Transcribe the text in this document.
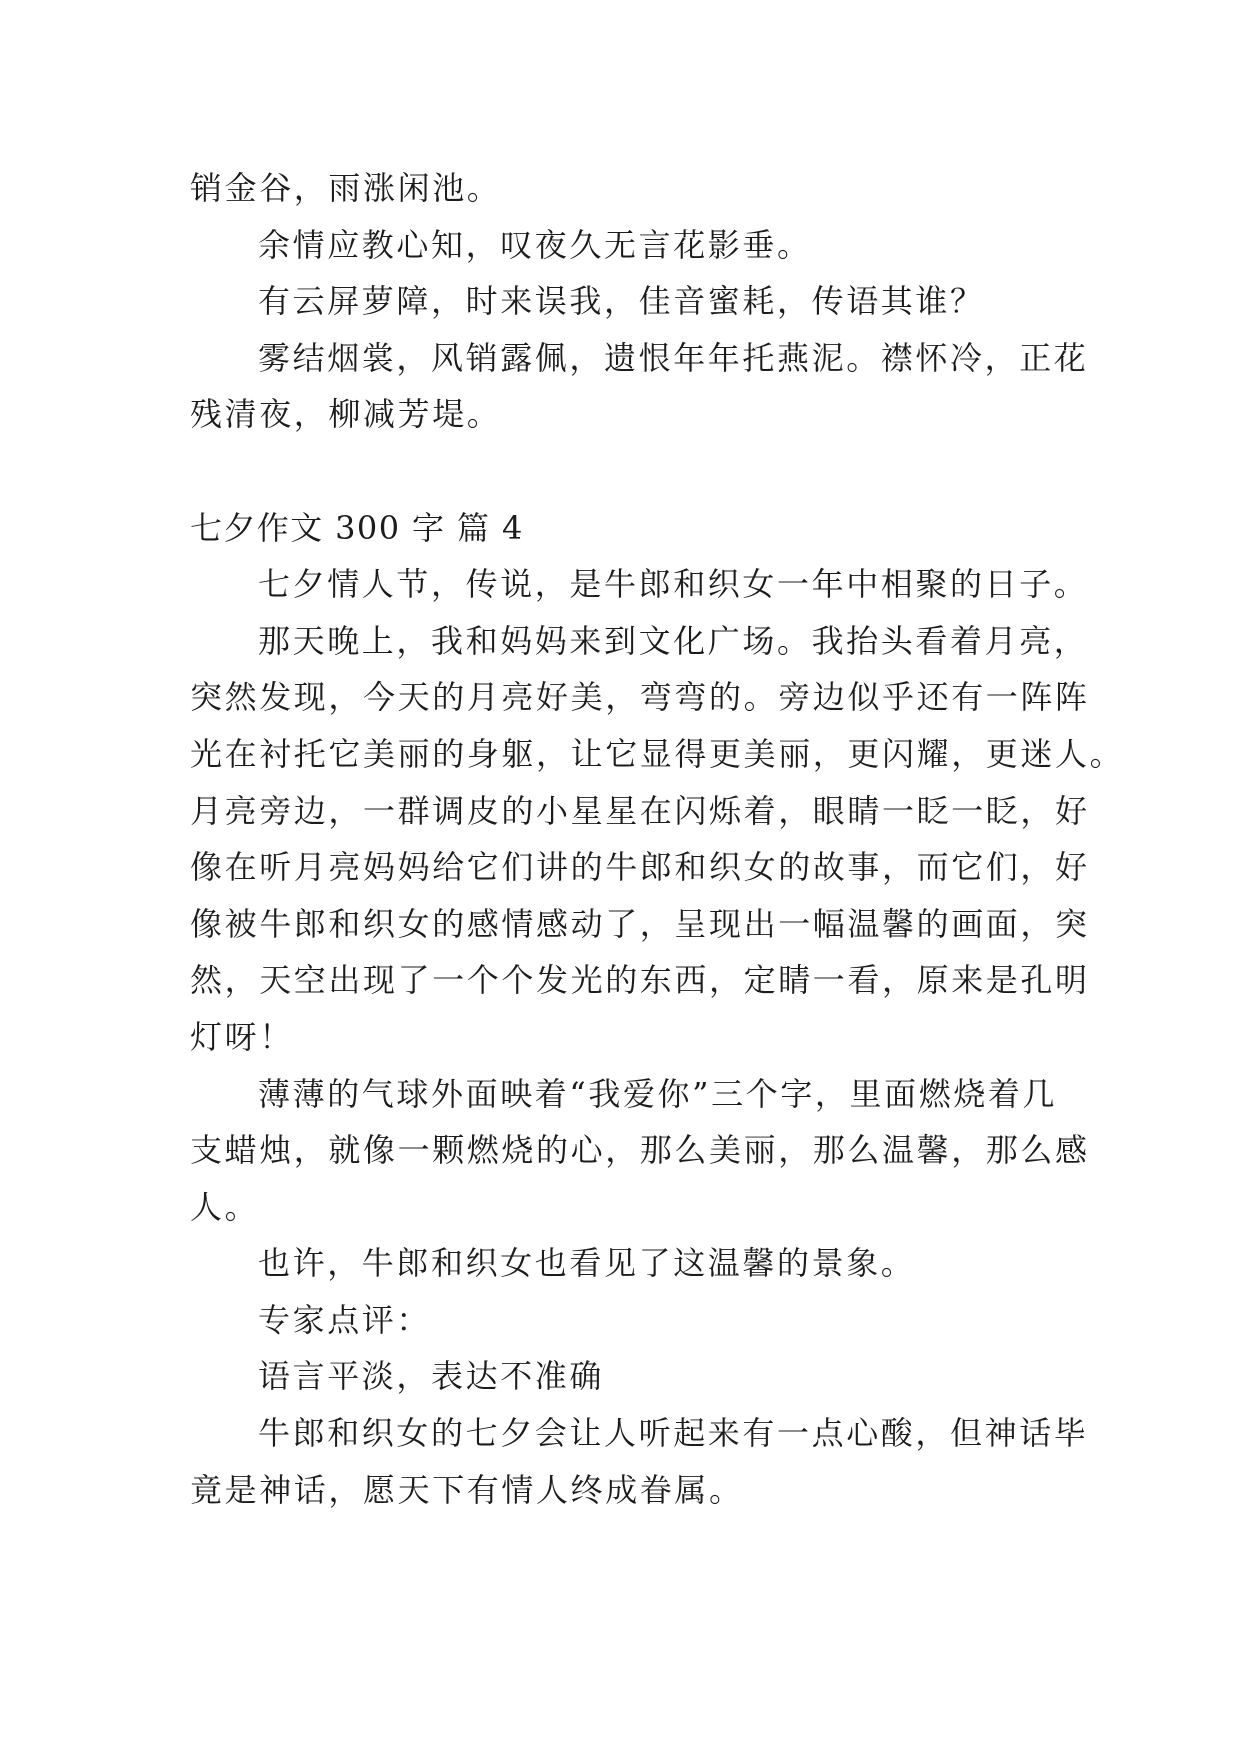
销金谷，雨涨闲池。
余情应教心知，叹夜久无言花影垂。
有云屏萝障，时来误我，佳音蜜耗，传语其谁？
雾结烟裳，风销露佩，遗恨年年托燕泥。襟怀冷，正花
残清夜，柳减芳堤。
七夕作文 300 字 篇 4
七夕情人节，传说，是牛郎和织女一年中相聚的日子。
那天晚上，我和妈妈来到文化广场。我抬头看着月亮，
突然发现，今天的月亮好美，弯弯的。旁边似乎还有一阵阵
光在衬托它美丽的身躯，让它显得更美丽，更闪耀，更迷人。
月亮旁边，一群调皮的小星星在闪烁着，眼睛一眨一眨，好
像在听月亮妈妈给它们讲的牛郎和织女的故事，而它们，好
像被牛郎和织女的感情感动了，呈现出一幅温馨的画面，突
然，天空出现了一个个发光的东西，定睛一看，原来是孔明
灯呀！
薄薄的气球外面映着“我爱你”三个字，里面燃烧着几
支蜡烛，就像一颗燃烧的心，那么美丽，那么温馨，那么感
人。
也许，牛郎和织女也看见了这温馨的景象。
专家点评：
语言平淡，表达不准确
牛郎和织女的七夕会让人听起来有一点心酸，但神话毕
竟是神话，愿天下有情人终成眷属。
